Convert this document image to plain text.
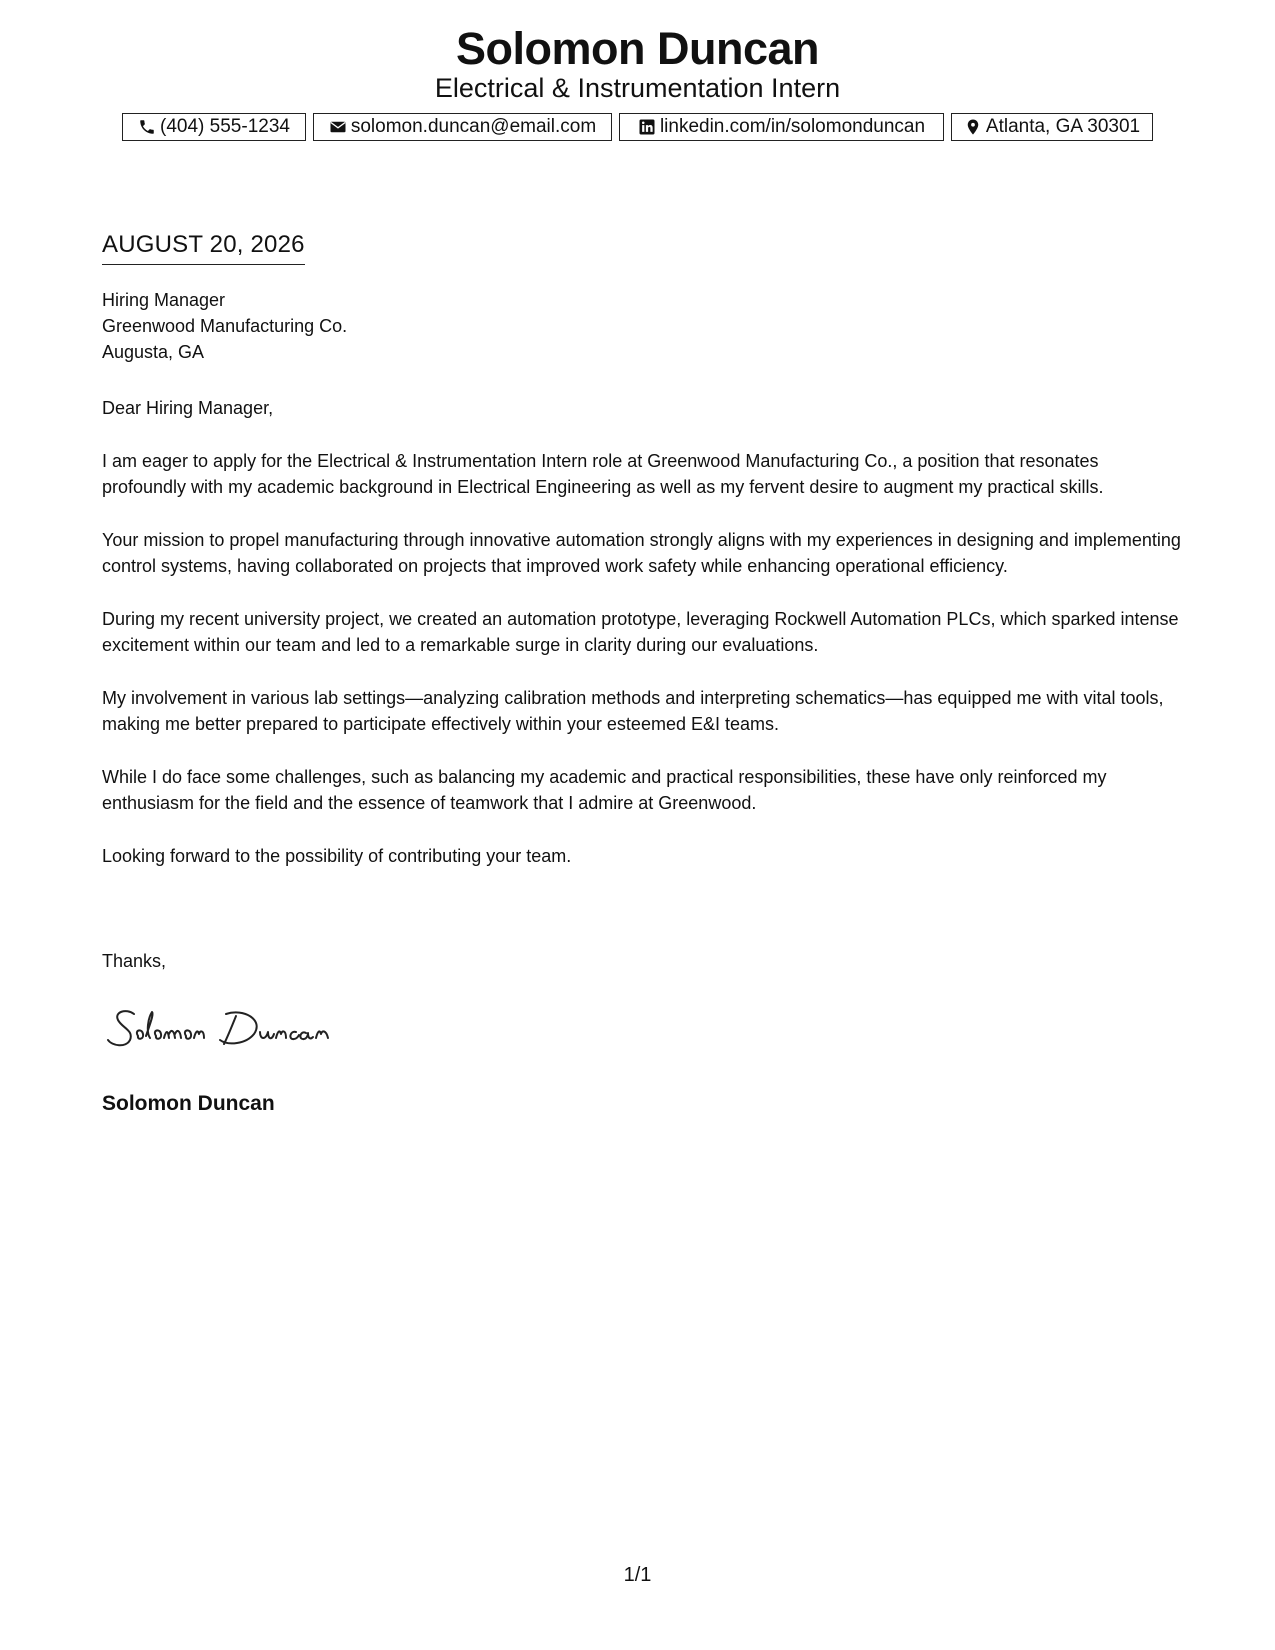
Solomon Duncan
Electrical & Instrumentation Intern
(404) 555-1234	solomon.duncan@email.com	linkedin.com/in/solomonduncan	Atlanta, GA 30301
AUGUST 20, 2026
Hiring Manager
Greenwood Manufacturing Co.
Augusta, GA

Dear Hiring Manager,

I am eager to apply for the Electrical & Instrumentation Intern role at Greenwood Manufacturing Co., a position that resonates profoundly with my academic background in Electrical Engineering as well as my fervent desire to augment my practical skills.

Your mission to propel manufacturing through innovative automation strongly aligns with my experiences in designing and implementing control systems, having collaborated on projects that improved work safety while enhancing operational efficiency.

During my recent university project, we created an automation prototype, leveraging Rockwell Automation PLCs, which sparked intense excitement within our team and led to a remarkable surge in clarity during our evaluations.

My involvement in various lab settings—analyzing calibration methods and interpreting schematics—has equipped me with vital tools, making me better prepared to participate effectively within your esteemed E&I teams.

While I do face some challenges, such as balancing my academic and practical responsibilities, these have only reinforced my enthusiasm for the field and the essence of teamwork that I admire at Greenwood.

Looking forward to the possibility of contributing your team.

Thanks,
Solomon Duncan
1/1
